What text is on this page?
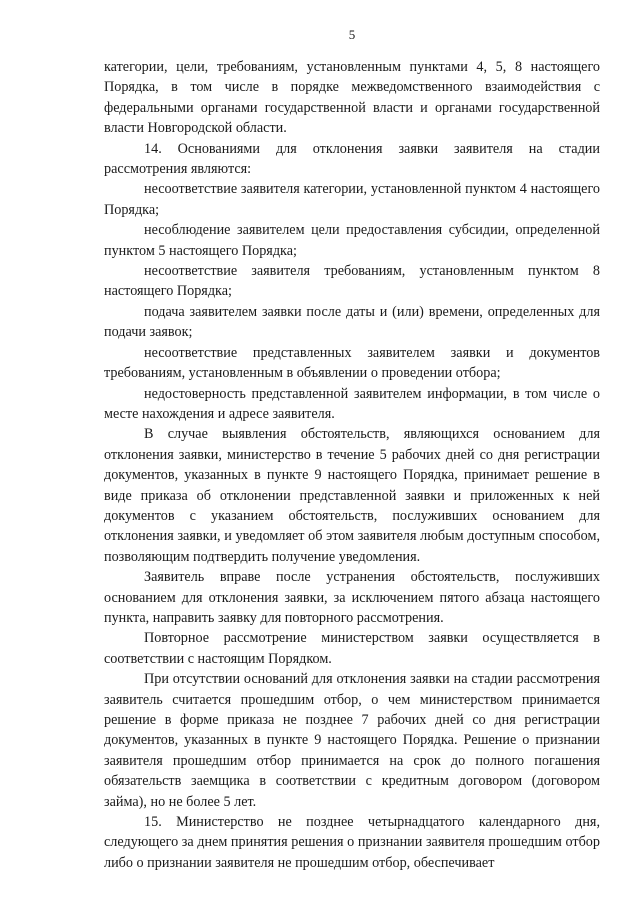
5

категории, цели, требованиям, установленным пунктами 4, 5, 8 настоящего Порядка, в том числе в порядке межведомственного взаимодействия с федеральными органами государственной власти и органами государственной власти Новгородской области.

14. Основаниями для отклонения заявки заявителя на стадии рассмотрения являются:

несоответствие заявителя категории, установленной пунктом 4 настоящего Порядка;

несоблюдение заявителем цели предоставления субсидии, определенной пунктом 5 настоящего Порядка;

несоответствие заявителя требованиям, установленным пунктом 8 настоящего Порядка;

подача заявителем заявки после даты и (или) времени, определенных для подачи заявок;

несоответствие представленных заявителем заявки и документов требованиям, установленным в объявлении о проведении отбора;

недостоверность представленной заявителем информации, в том числе о месте нахождения и адресе заявителя.

В случае выявления обстоятельств, являющихся основанием для отклонения заявки, министерство в течение 5 рабочих дней со дня регистрации документов, указанных в пункте 9 настоящего Порядка, принимает решение в виде приказа об отклонении представленной заявки и приложенных к ней документов с указанием обстоятельств, послуживших основанием для отклонения заявки, и уведомляет об этом заявителя любым доступным способом, позволяющим подтвердить получение уведомления.

Заявитель вправе после устранения обстоятельств, послуживших основанием для отклонения заявки, за исключением пятого абзаца настоящего пункта, направить заявку для повторного рассмотрения.

Повторное рассмотрение министерством заявки осуществляется в соответствии с настоящим Порядком.

При отсутствии оснований для отклонения заявки на стадии рассмотрения заявитель считается прошедшим отбор, о чем министерством принимается решение в форме приказа не позднее 7 рабочих дней со дня регистрации документов, указанных в пункте 9 настоящего Порядка. Решение о признании заявителя прошедшим отбор принимается на срок до полного погашения обязательств заемщика в соответствии с кредитным договором (договором займа), но не более 5 лет.

15. Министерство не позднее четырнадцатого календарного дня, следующего за днем принятия решения о признании заявителя прошедшим отбор либо о признании заявителя не прошедшим отбор, обеспечивает
